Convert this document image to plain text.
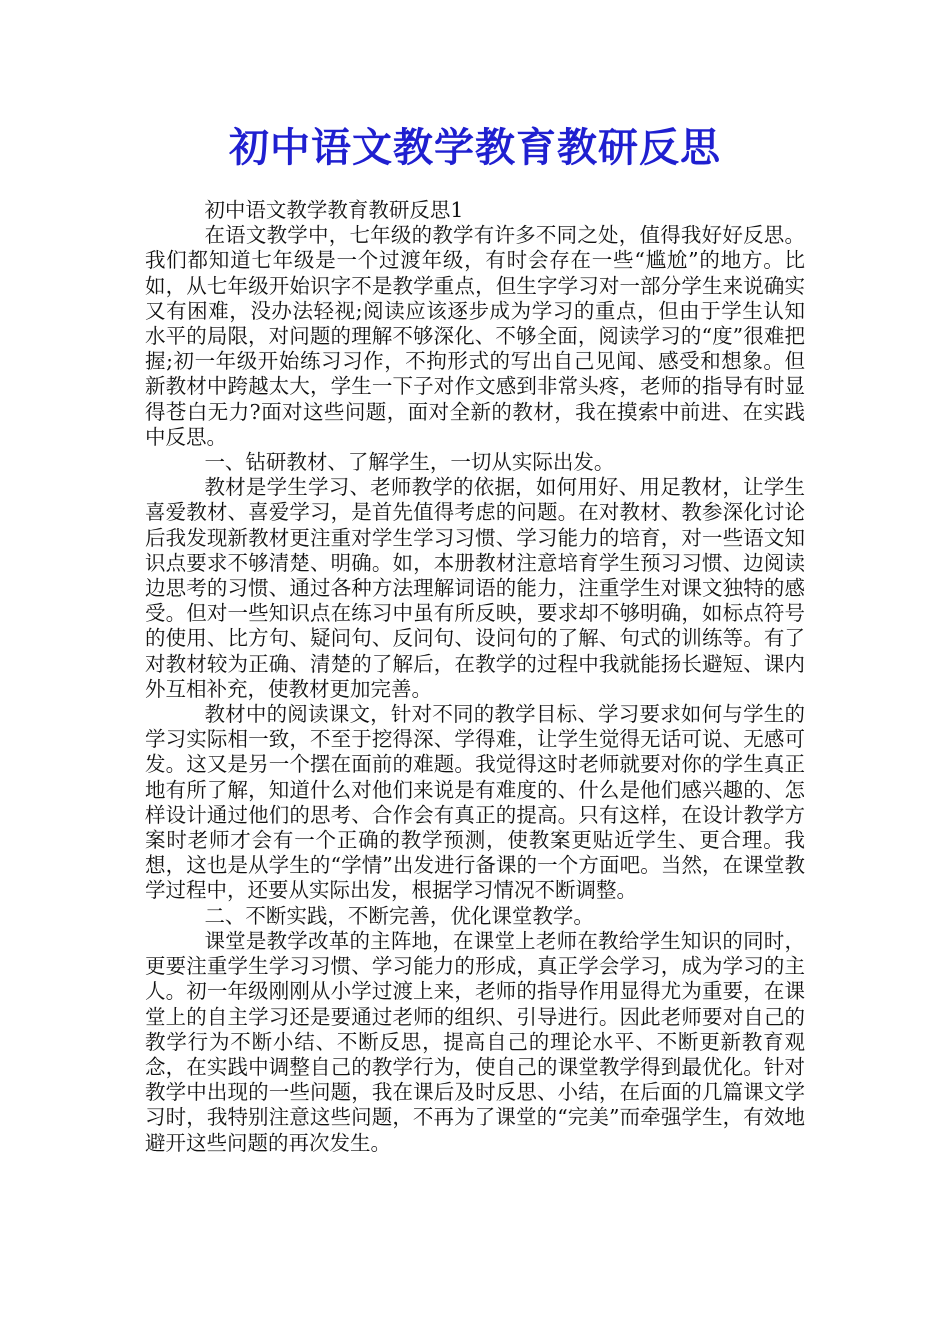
初中语文教学教育教研反思

初中语文教学教育教研反思1

在语文教学中，七年级的教学有许多不同之处，值得我好好反思。我们都知道七年级是一个过渡年级，有时会存在一些“尴尬”的地方。比如，从七年级开始识字不是教学重点，但生字学习对一部分学生来说确实又有困难，没办法轻视;阅读应该逐步成为学习的重点，但由于学生认知水平的局限，对问题的理解不够深化、不够全面，阅读学习的“度”很难把握;初一年级开始练习习作，不拘形式的写出自己见闻、感受和想象。但新教材中跨越太大，学生一下子对作文感到非常头疼，老师的指导有时显得苍白无力?面对这些问题，面对全新的教材，我在摸索中前进、在实践中反思。

一、钻研教材、了解学生，一切从实际出发。

教材是学生学习、老师教学的依据，如何用好、用足教材，让学生喜爱教材、喜爱学习，是首先值得考虑的问题。在对教材、教参深化讨论后我发现新教材更注重对学生学习习惯、学习能力的培育，对一些语文知识点要求不够清楚、明确。如，本册教材注意培育学生预习习惯、边阅读边思考的习惯、通过各种方法理解词语的能力，注重学生对课文独特的感受。但对一些知识点在练习中虽有所反映，要求却不够明确，如标点符号的使用、比方句、疑问句、反问句、设问句的了解、句式的训练等。有了对教材较为正确、清楚的了解后，在教学的过程中我就能扬长避短、课内外互相补充，使教材更加完善。

教材中的阅读课文，针对不同的教学目标、学习要求如何与学生的学习实际相一致，不至于挖得深、学得难，让学生觉得无话可说、无感可发。这又是另一个摆在面前的难题。我觉得这时老师就要对你的学生真正地有所了解，知道什么对他们来说是有难度的、什么是他们感兴趣的、怎样设计通过他们的思考、合作会有真正的提高。只有这样，在设计教学方案时老师才会有一个正确的教学预测，使教案更贴近学生、更合理。我想，这也是从学生的“学情”出发进行备课的一个方面吧。当然，在课堂教学过程中，还要从实际出发，根据学习情况不断调整。

二、不断实践，不断完善，优化课堂教学。

课堂是教学改革的主阵地，在课堂上老师在教给学生知识的同时，更要注重学生学习习惯、学习能力的形成，真正学会学习，成为学习的主人。初一年级刚刚从小学过渡上来，老师的指导作用显得尤为重要，在课堂上的自主学习还是要通过老师的组织、引导进行。因此老师要对自己的教学行为不断小结、不断反思，提高自己的理论水平、不断更新教育观念，在实践中调整自己的教学行为，使自己的课堂教学得到最优化。针对教学中出现的一些问题，我在课后及时反思、小结，在后面的几篇课文学习时，我特别注意这些问题，不再为了课堂的“完美”而牵强学生，有效地避开这些问题的再次发生。
